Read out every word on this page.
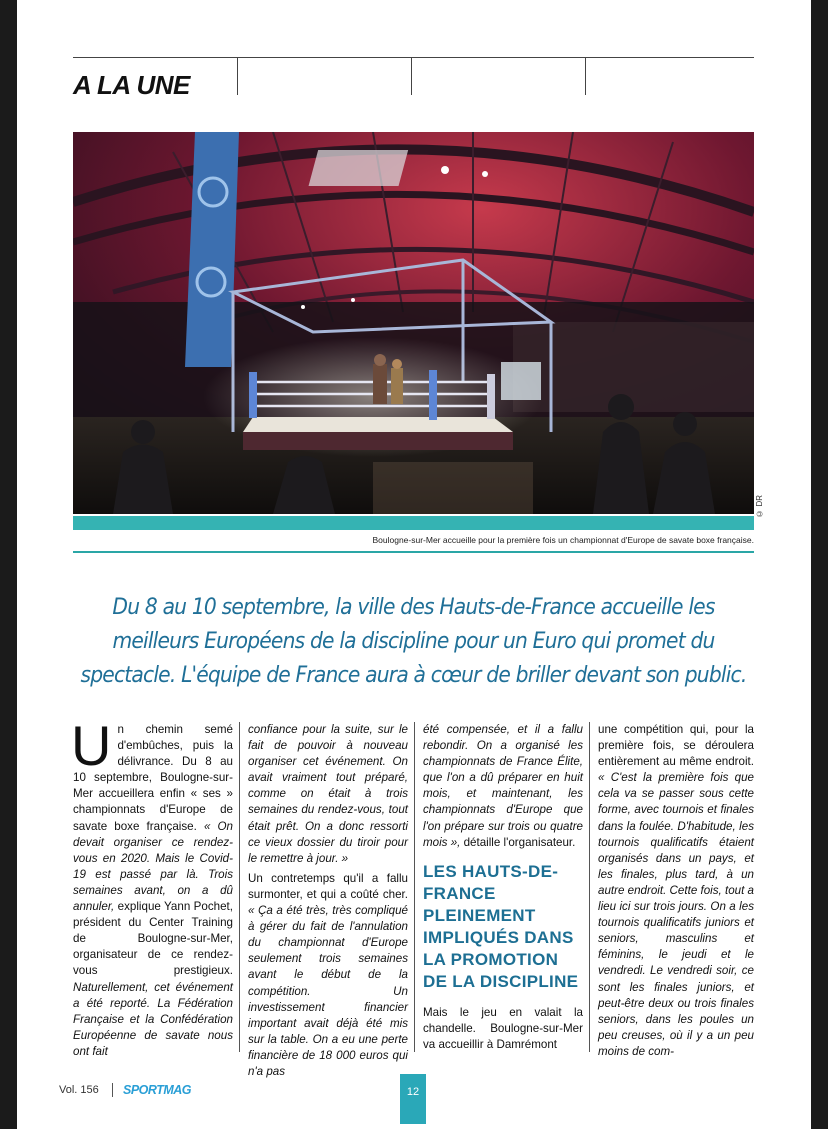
A LA UNE
© DR
Boulogne-sur-Mer accueille pour la première fois un championnat d'Europe de savate boxe française.
Du 8 au 10 septembre, la ville des Hauts-de-France accueille les meilleurs Européens de la discipline pour un Euro qui promet du spectacle. L'équipe de France aura à cœur de briller devant son public.

Un chemin semé d'embûches, puis la délivrance. Du 8 au 10 septembre, Boulogne-sur-Mer accueillera enfin « ses » championnats d'Europe de savate boxe française. « On devait organiser ce rendez-vous en 2020. Mais le Covid-19 est passé par là. Trois semaines avant, on a dû annuler, explique Yann Pochet, président du Center Training de Boulogne-sur-Mer, organisateur de ce rendez-vous prestigieux. Naturellement, cet événement a été reporté. La Fédération Française et la Confédération Européenne de savate nous ont fait

confiance pour la suite, sur le fait de pouvoir à nouveau organiser cet événement. On avait vraiment tout préparé, comme on était à trois semaines du rendez-vous, tout était prêt. On a donc ressorti ce vieux dossier du tiroir pour le remettre à jour. »

Un contretemps qu'il a fallu surmonter, et qui a coûté cher. « Ça a été très, très compliqué à gérer du fait de l'annulation du championnat d'Europe seulement trois semaines avant le début de la compétition. Un investissement financier important avait déjà été mis sur la table. On a eu une perte financière de 18 000 euros qui n'a pas

été compensée, et il a fallu rebondir. On a organisé les championnats de France Élite, que l'on a dû préparer en huit mois, et maintenant, les championnats d'Europe que l'on prépare sur trois ou quatre mois », détaille l'organisateur.

LES HAUTS-DE-FRANCE PLEINEMENT IMPLIQUÉS DANS LA PROMOTION DE LA DISCIPLINE

Mais le jeu en valait la chandelle. Boulogne-sur-Mer va accueillir à Damrémont

une compétition qui, pour la première fois, se déroulera entièrement au même endroit. « C'est la première fois que cela va se passer sous cette forme, avec tournois et finales dans la foulée. D'habitude, les tournois qualificatifs étaient organisés dans un pays, et les finales, plus tard, à un autre endroit. Cette fois, tout a lieu ici sur trois jours. On a les tournois qualificatifs juniors et seniors, masculins et féminins, le jeudi et le vendredi. Le vendredi soir, ce sont les finales juniors, et peut-être deux ou trois finales seniors, dans les poules un peu creuses, où il y a un peu moins de com-

Vol. 156 SPORTMAG	12
